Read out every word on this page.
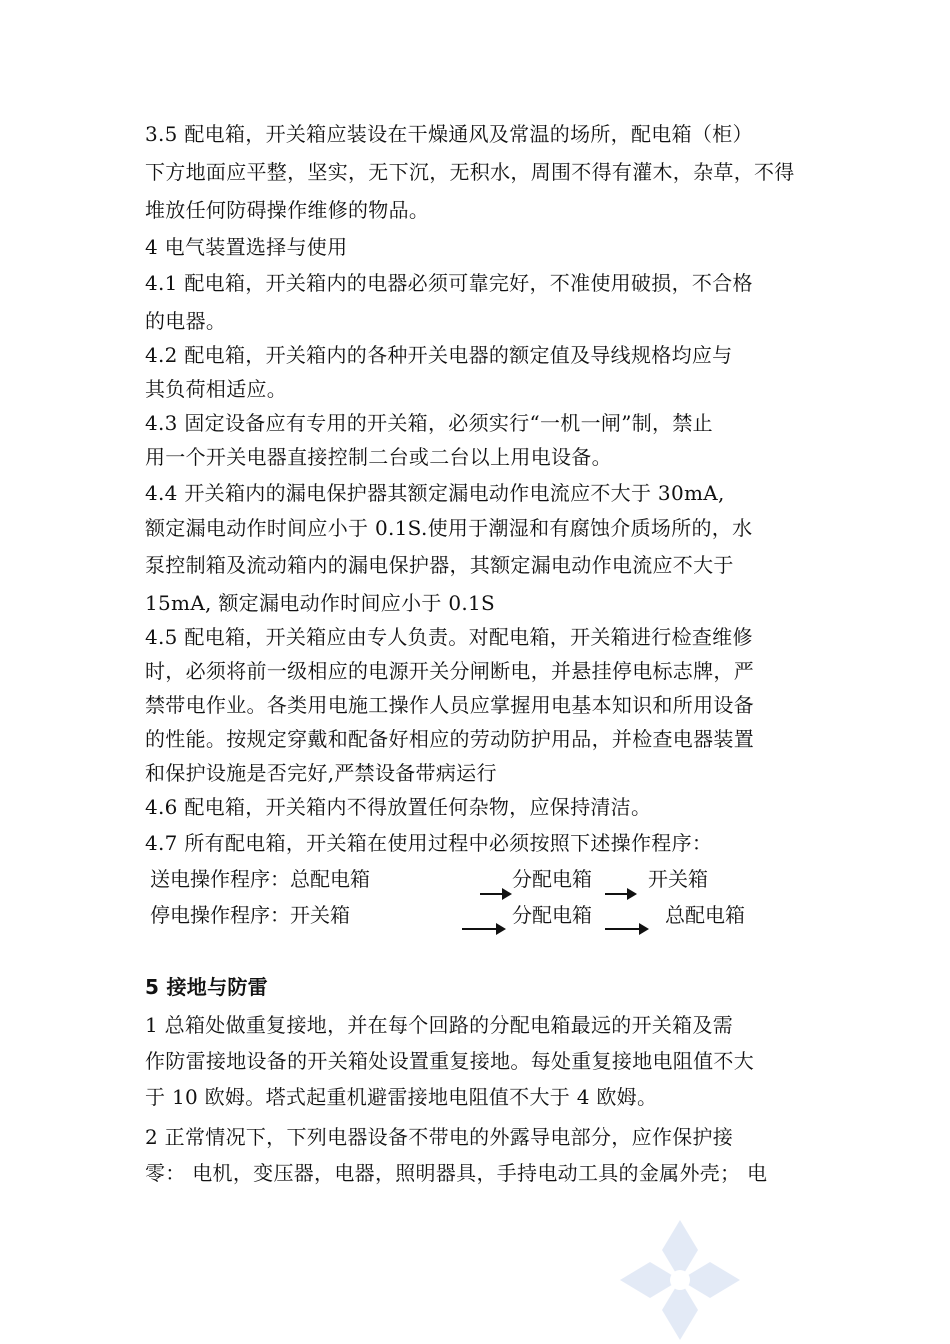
3.5 配电箱，开关箱应装设在干燥通风及常温的场所，配电箱（柜）
下方地面应平整，坚实，无下沉，无积水，周围不得有灌木，杂草，不得
堆放任何防碍操作维修的物品。
4 电气装置选择与使用
4.1 配电箱，开关箱内的电器必须可靠完好，不准使用破损，不合格
的电器。
4.2 配电箱，开关箱内的各种开关电器的额定值及导线规格均应与
其负荷相适应。
4.3 固定设备应有专用的开关箱，必须实行“一机一闸”制，禁止
用一个开关电器直接控制二台或二台以上用电设备。
4.4 开关箱内的漏电保护器其额定漏电动作电流应不大于 30mA,
额定漏电动作时间应小于 0.1S.使用于潮湿和有腐蚀介质场所的，水
泵控制箱及流动箱内的漏电保护器，其额定漏电动作电流应不大于
15mA, 额定漏电动作时间应小于 0.1S
4.5 配电箱，开关箱应由专人负责。对配电箱，开关箱进行检查维修
时，必须将前一级相应的电源开关分闸断电，并悬挂停电标志牌，严
禁带电作业。各类用电施工操作人员应掌握用电基本知识和所用设备
的性能。按规定穿戴和配备好相应的劳动防护用品，并检查电器装置
和保护设施是否完好,严禁设备带病运行
4.6 配电箱，开关箱内不得放置任何杂物，应保持清洁。
4.7 所有配电箱，开关箱在使用过程中必须按照下述操作程序：
送电操作程序：总配电箱	分配电箱	开关箱
停电操作程序：开关箱	分配电箱	总配电箱
5 接地与防雷
1 总箱处做重复接地，并在每个回路的分配电箱最远的开关箱及需
作防雷接地设备的开关箱处设置重复接地。每处重复接地电阻值不大
于 10 欧姆。塔式起重机避雷接地电阻值不大于 4 欧姆。
2 正常情况下，下列电器设备不带电的外露导电部分，应作保护接
零： 电机，变压器，电器，照明器具，手持电动工具的金属外壳； 电
